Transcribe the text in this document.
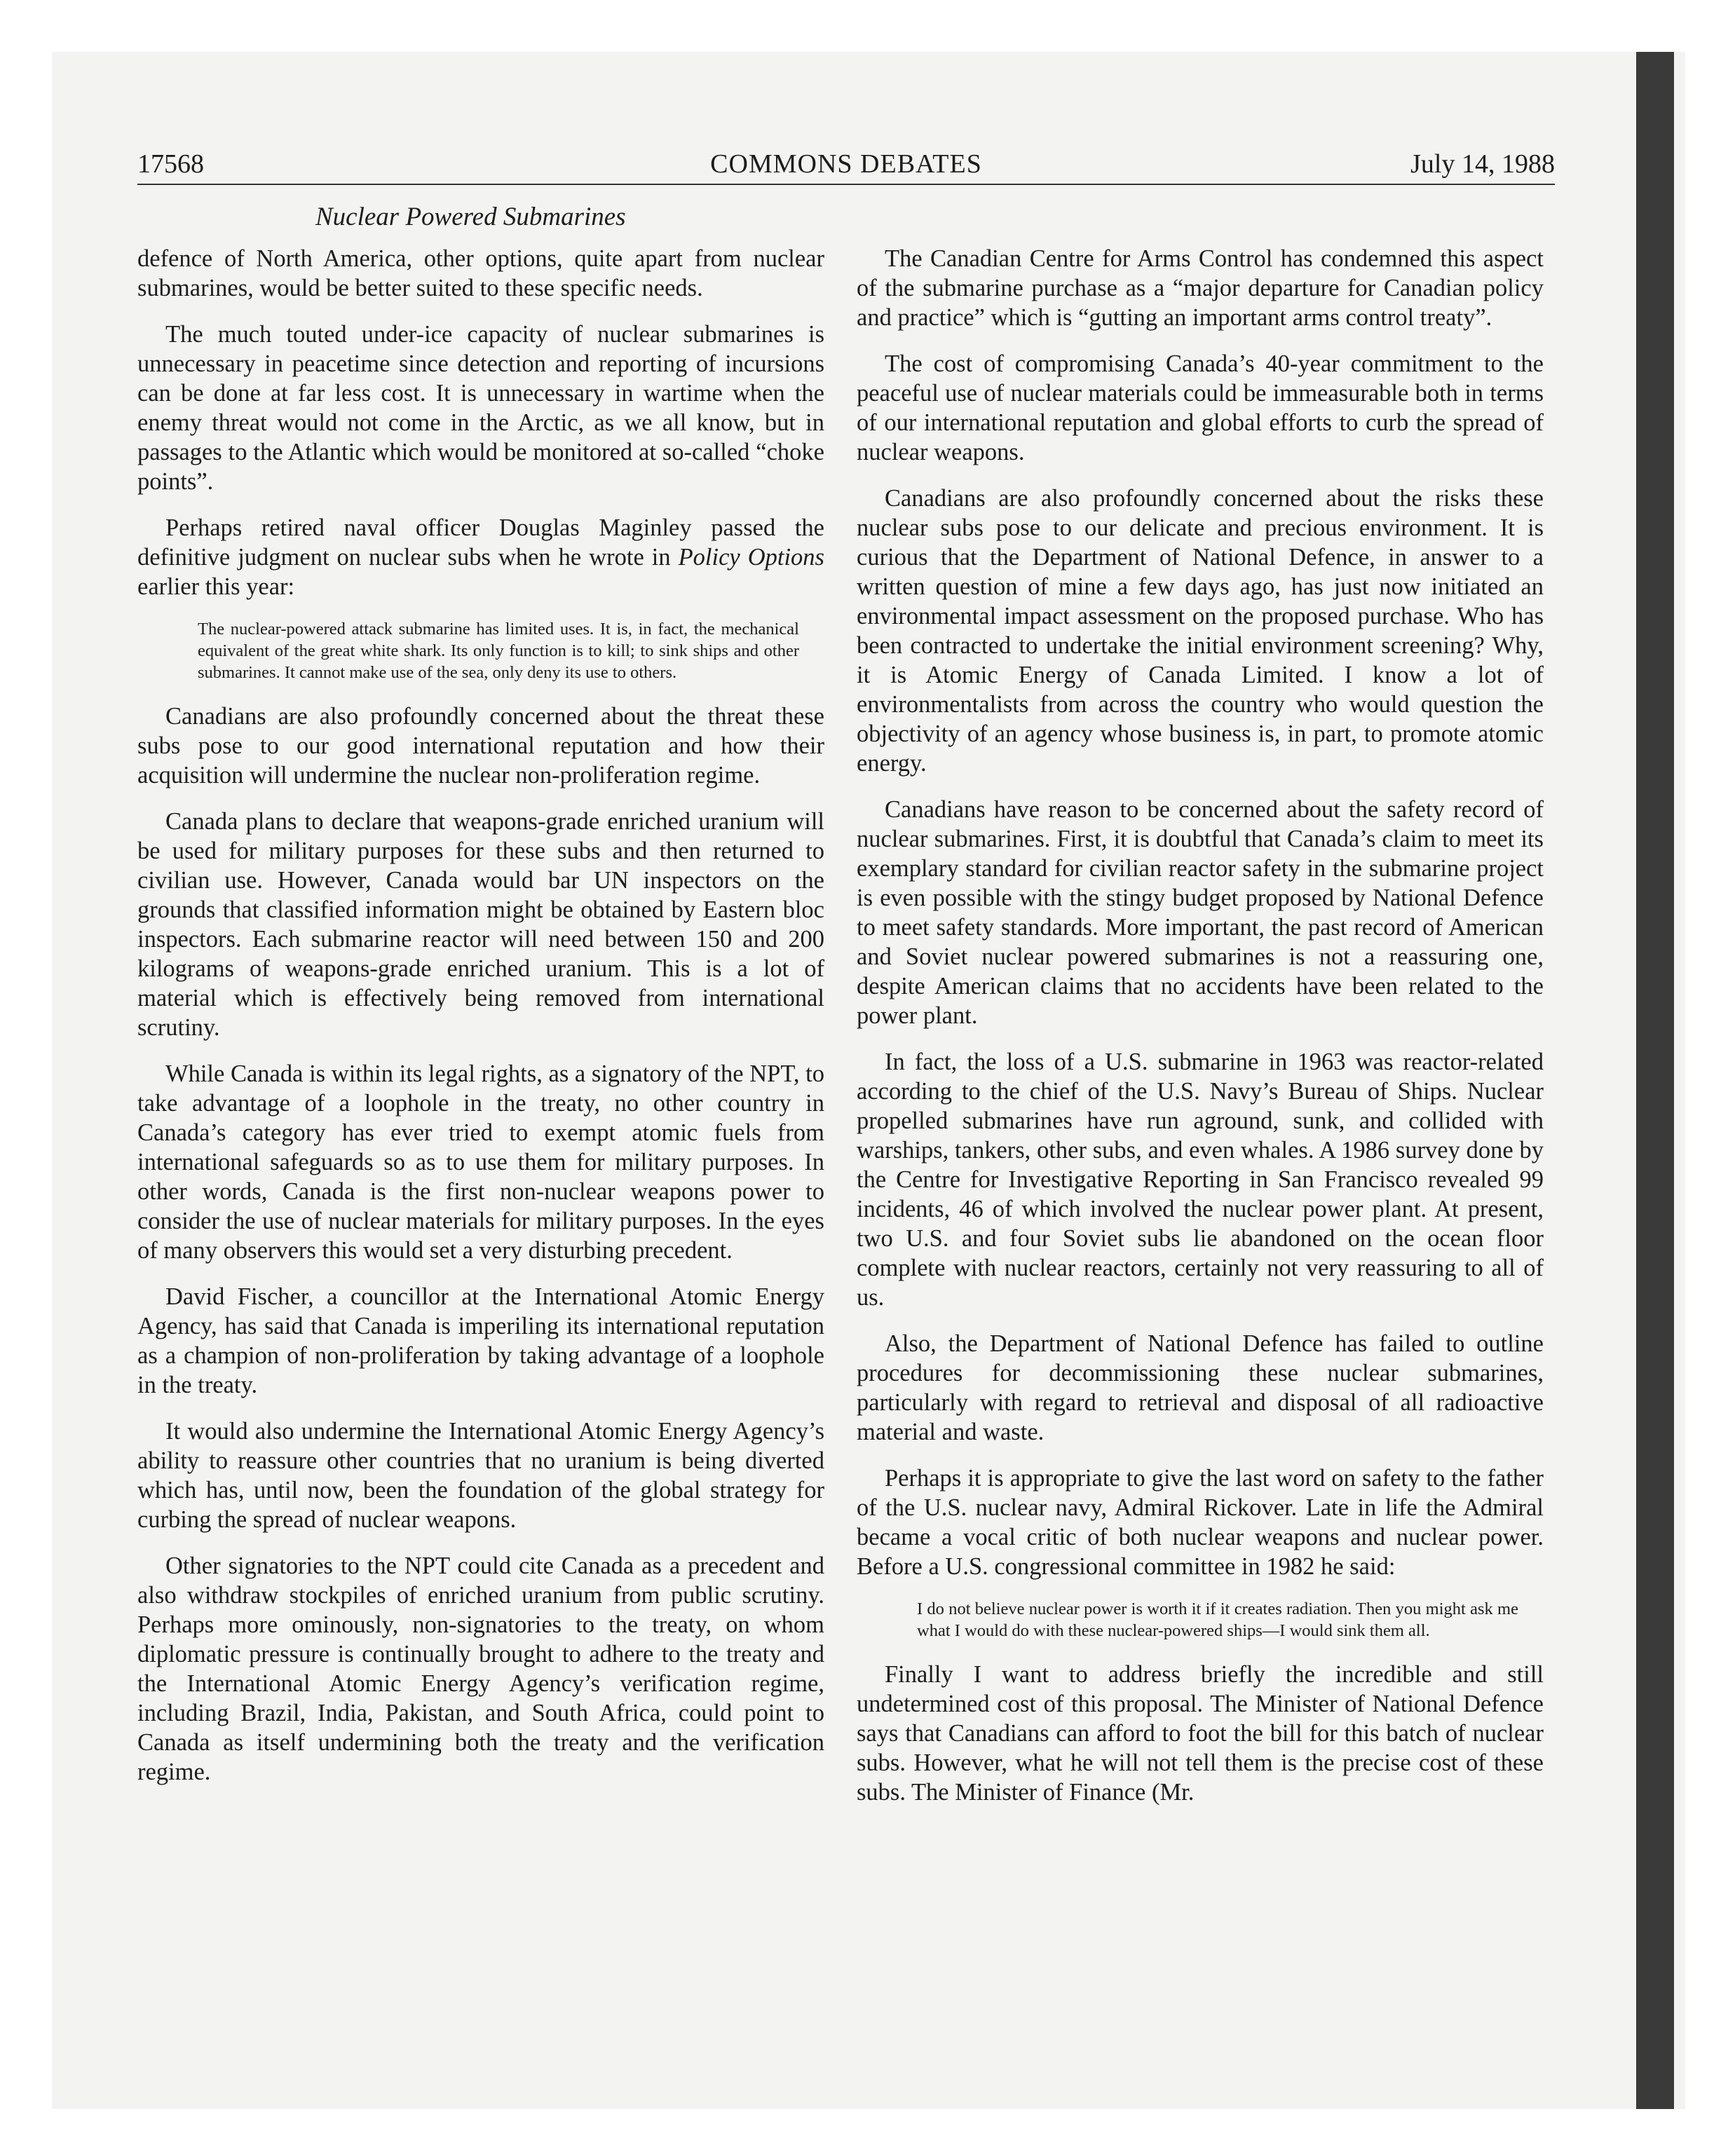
17568	COMMONS DEBATES	July 14, 1988
Nuclear Powered Submarines

defence of North America, other options, quite apart from nuclear submarines, would be better suited to these specific needs.

The much touted under-ice capacity of nuclear submarines is unnecessary in peacetime since detection and reporting of incursions can be done at far less cost. It is unnecessary in wartime when the enemy threat would not come in the Arctic, as we all know, but in passages to the Atlantic which would be monitored at so-called “choke points”.

Perhaps retired naval officer Douglas Maginley passed the definitive judgment on nuclear subs when he wrote in Policy Options earlier this year:

The nuclear-powered attack submarine has limited uses. It is, in fact, the mechanical equivalent of the great white shark. Its only function is to kill; to sink ships and other submarines. It cannot make use of the sea, only deny its use to others.

Canadians are also profoundly concerned about the threat these subs pose to our good international reputation and how their acquisition will undermine the nuclear non-proliferation regime.

Canada plans to declare that weapons-grade enriched uranium will be used for military purposes for these subs and then returned to civilian use. However, Canada would bar UN inspectors on the grounds that classified information might be obtained by Eastern bloc inspectors. Each submarine reactor will need between 150 and 200 kilograms of weapons-grade enriched uranium. This is a lot of material which is effectively being removed from international scrutiny.

While Canada is within its legal rights, as a signatory of the NPT, to take advantage of a loophole in the treaty, no other country in Canada’s category has ever tried to exempt atomic fuels from international safeguards so as to use them for military purposes. In other words, Canada is the first non-nuclear weapons power to consider the use of nuclear materials for military purposes. In the eyes of many observers this would set a very disturbing precedent.

David Fischer, a councillor at the International Atomic Energy Agency, has said that Canada is imperiling its international reputation as a champion of non-proliferation by taking advantage of a loophole in the treaty.

It would also undermine the International Atomic Energy Agency’s ability to reassure other countries that no uranium is being diverted which has, until now, been the foundation of the global strategy for curbing the spread of nuclear weapons.

Other signatories to the NPT could cite Canada as a precedent and also withdraw stockpiles of enriched uranium from public scrutiny. Perhaps more ominously, non-signatories to the treaty, on whom diplomatic pressure is continually brought to adhere to the treaty and the International Atomic Energy Agency’s verification regime, including Brazil, India, Pakistan, and South Africa, could point to Canada as itself undermining both the treaty and the verification regime.

The Canadian Centre for Arms Control has condemned this aspect of the submarine purchase as a “major departure for Canadian policy and practice” which is “gutting an important arms control treaty”.

The cost of compromising Canada’s 40-year commitment to the peaceful use of nuclear materials could be immeasurable both in terms of our international reputation and global efforts to curb the spread of nuclear weapons.

Canadians are also profoundly concerned about the risks these nuclear subs pose to our delicate and precious environment. It is curious that the Department of National Defence, in answer to a written question of mine a few days ago, has just now initiated an environmental impact assessment on the proposed purchase. Who has been contracted to undertake the initial environment screening? Why, it is Atomic Energy of Canada Limited. I know a lot of environmentalists from across the country who would question the objectivity of an agency whose business is, in part, to promote atomic energy.

Canadians have reason to be concerned about the safety record of nuclear submarines. First, it is doubtful that Canada’s claim to meet its exemplary standard for civilian reactor safety in the submarine project is even possible with the stingy budget proposed by National Defence to meet safety standards. More important, the past record of American and Soviet nuclear powered submarines is not a reassuring one, despite American claims that no accidents have been related to the power plant.

In fact, the loss of a U.S. submarine in 1963 was reactor-related according to the chief of the U.S. Navy’s Bureau of Ships. Nuclear propelled submarines have run aground, sunk, and collided with warships, tankers, other subs, and even whales. A 1986 survey done by the Centre for Investigative Reporting in San Francisco revealed 99 incidents, 46 of which involved the nuclear power plant. At present, two U.S. and four Soviet subs lie abandoned on the ocean floor complete with nuclear reactors, certainly not very reassuring to all of us.

Also, the Department of National Defence has failed to outline procedures for decommissioning these nuclear submarines, particularly with regard to retrieval and disposal of all radioactive material and waste.

Perhaps it is appropriate to give the last word on safety to the father of the U.S. nuclear navy, Admiral Rickover. Late in life the Admiral became a vocal critic of both nuclear weapons and nuclear power. Before a U.S. congressional committee in 1982 he said:

I do not believe nuclear power is worth it if it creates radiation. Then you might ask me what I would do with these nuclear-powered ships—I would sink them all.

Finally I want to address briefly the incredible and still undetermined cost of this proposal. The Minister of National Defence says that Canadians can afford to foot the bill for this batch of nuclear subs. However, what he will not tell them is the precise cost of these subs. The Minister of Finance (Mr.
